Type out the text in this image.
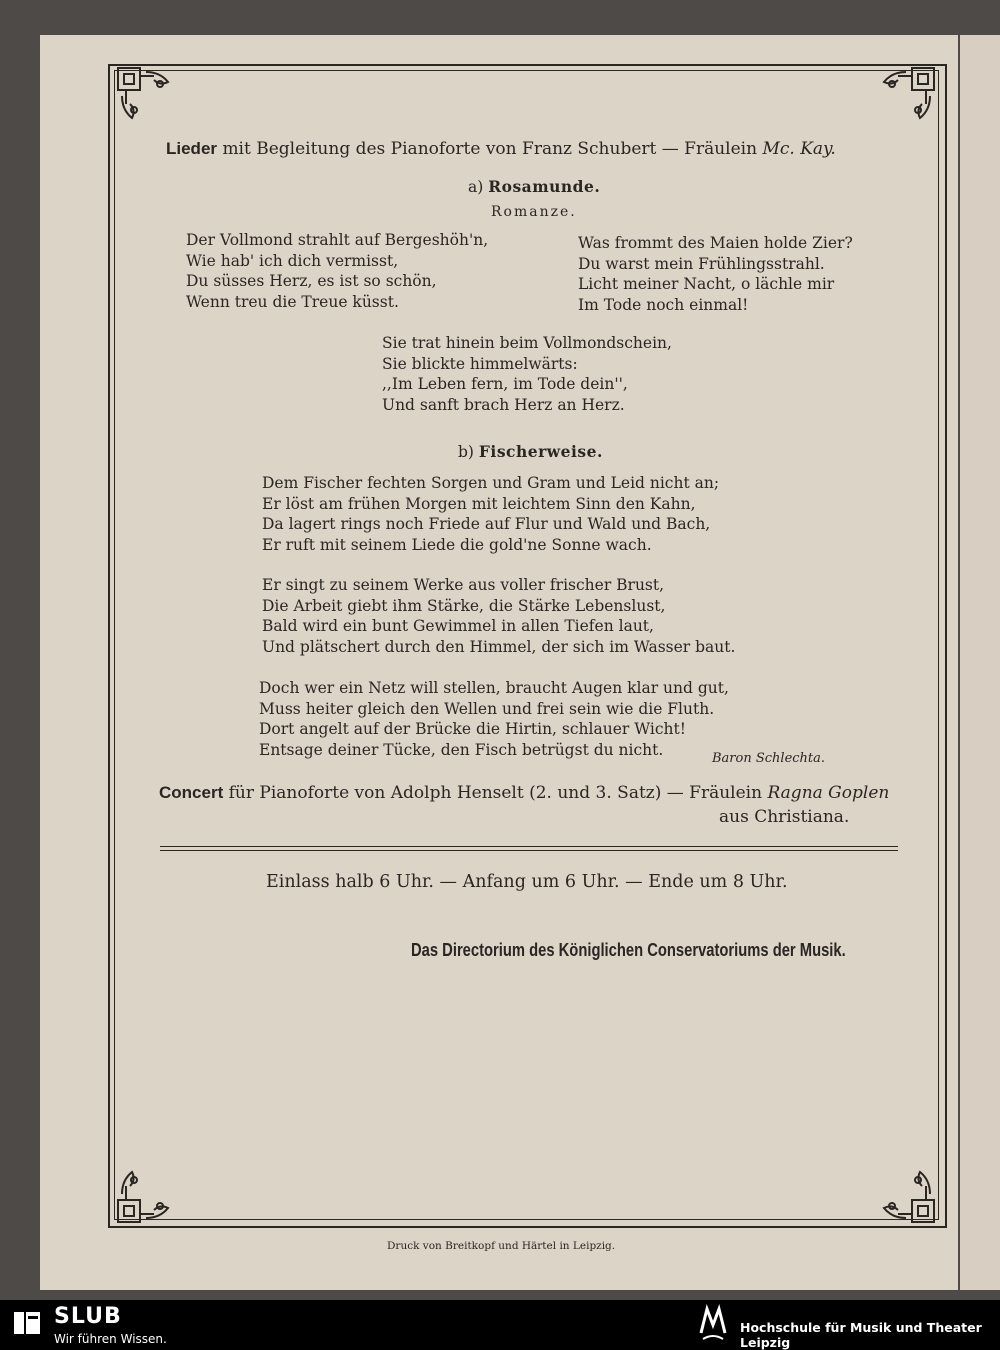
Lieder mit Begleitung des Pianoforte von Franz Schubert — Fräulein Mc. Kay.
a) Rosamunde.
Romanze.
Der Vollmond strahlt auf Bergeshöh'n,
Wie hab' ich dich vermisst,
Du süsses Herz, es ist so schön,
Wenn treu die Treue küsst.
Was frommt des Maien holde Zier?
Du warst mein Frühlingsstrahl.
Licht meiner Nacht, o lächle mir
Im Tode noch einmal!
Sie trat hinein beim Vollmondschein,
Sie blickte himmelwärts:
,,Im Leben fern, im Tode dein'',
Und sanft brach Herz an Herz.
b) Fischerweise.
Dem Fischer fechten Sorgen und Gram und Leid nicht an;
Er löst am frühen Morgen mit leichtem Sinn den Kahn,
Da lagert rings noch Friede auf Flur und Wald und Bach,
Er ruft mit seinem Liede die gold'ne Sonne wach.
Er singt zu seinem Werke aus voller frischer Brust,
Die Arbeit giebt ihm Stärke, die Stärke Lebenslust,
Bald wird ein bunt Gewimmel in allen Tiefen laut,
Und plätschert durch den Himmel, der sich im Wasser baut.
Doch wer ein Netz will stellen, braucht Augen klar und gut,
Muss heiter gleich den Wellen und frei sein wie die Fluth.
Dort angelt auf der Brücke die Hirtin, schlauer Wicht!
Entsage deiner Tücke, den Fisch betrügst du nicht.	Baron Schlechta.
Concert für Pianoforte von Adolph Henselt (2. und 3. Satz) — Fräulein Ragna Goplen
aus Christiana.
Einlass halb 6 Uhr. — Anfang um 6 Uhr. — Ende um 8 Uhr.
Das Directorium des Königlichen Conservatoriums der Musik.
Druck von Breitkopf und Härtel in Leipzig.
SLUB
Wir führen Wissen.
Hochschule für Musik und Theater Leipzig
